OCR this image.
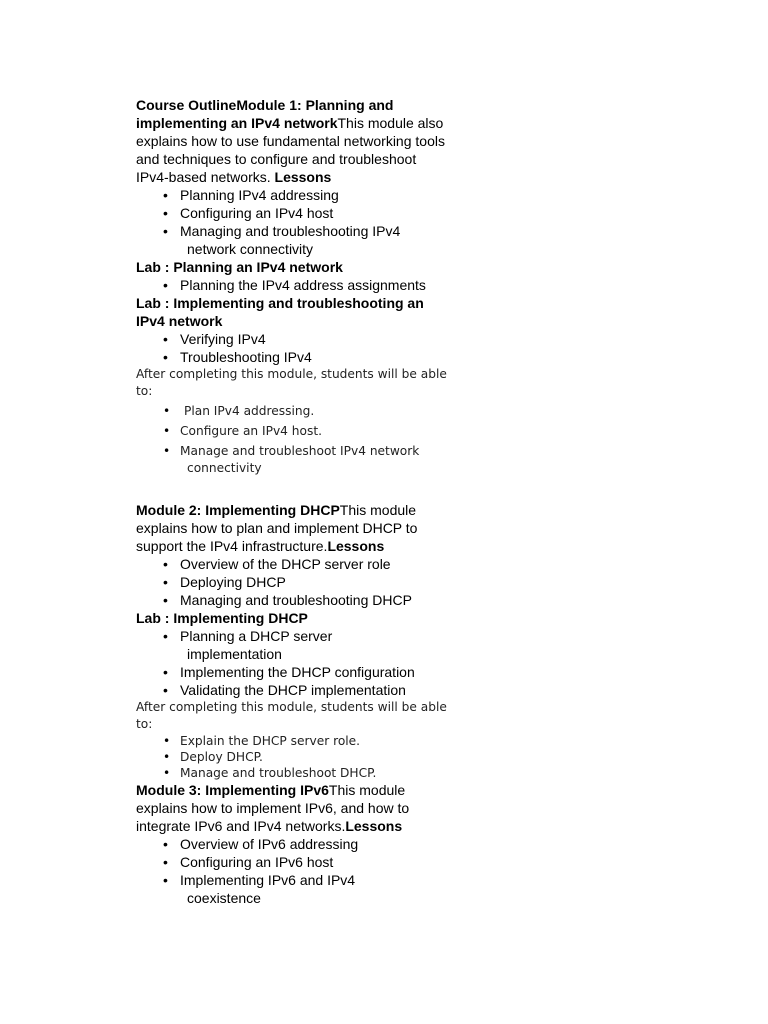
Course OutlineModule 1: Planning and implementing an IPv4 networkThis module also explains how to use fundamental networking tools and techniques to configure and troubleshoot IPv4-based networks. Lessons

• Planning IPv4 addressing
• Configuring an IPv4 host
• Managing and troubleshooting IPv4
network connectivity

Lab : Planning an IPv4 network

• Planning the IPv4 address assignments

Lab : Implementing and troubleshooting an IPv4 network

• Verifying IPv4
• Troubleshooting IPv4

After completing this module, students will be able to:

• Plan IPv4 addressing.
• Configure an IPv4 host.
• Manage and troubleshoot IPv4 network
connectivity

Module 2: Implementing DHCPThis module explains how to plan and implement DHCP to support the IPv4 infrastructure.Lessons

• Overview of the DHCP server role
• Deploying DHCP
• Managing and troubleshooting DHCP

Lab : Implementing DHCP

• Planning a DHCP server
implementation
• Implementing the DHCP configuration
• Validating the DHCP implementation

After completing this module, students will be able to:

• Explain the DHCP server role.
• Deploy DHCP.
• Manage and troubleshoot DHCP.

Module 3: Implementing IPv6This module explains how to implement IPv6, and how to integrate IPv6 and IPv4 networks.Lessons

• Overview of IPv6 addressing
• Configuring an IPv6 host
• Implementing IPv6 and IPv4
coexistence
